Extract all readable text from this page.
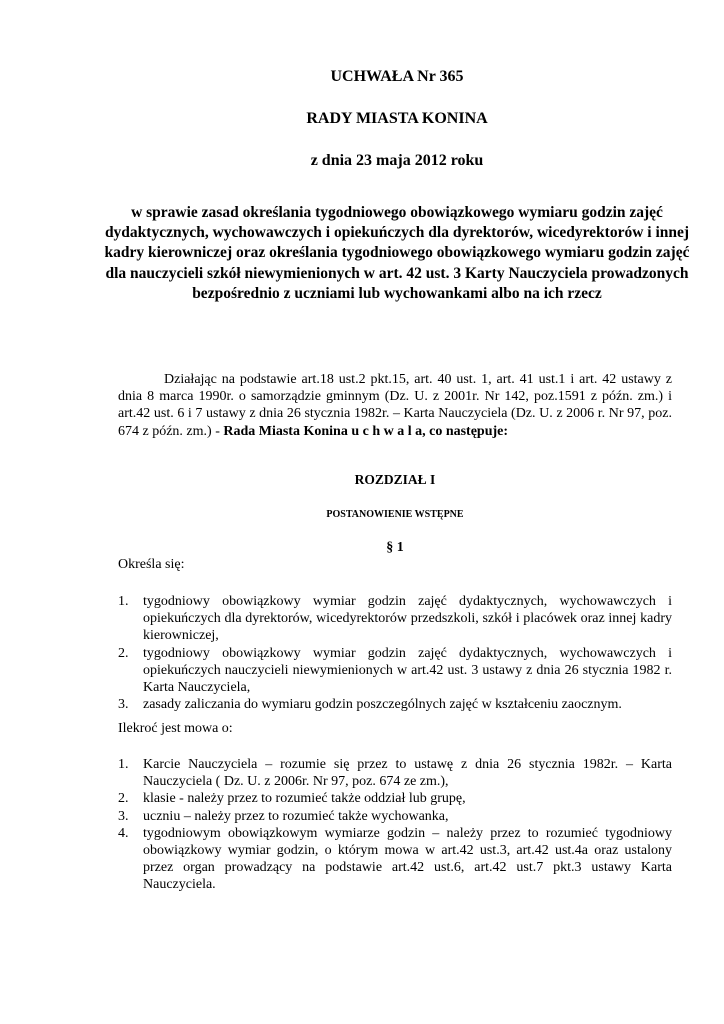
UCHWAŁA Nr 365
RADY MIASTA KONINA
z dnia 23 maja 2012 roku

w sprawie zasad określania tygodniowego obowiązkowego wymiaru godzin zajęć dydaktycznych, wychowawczych i opiekuńczych dla dyrektorów, wicedyrektorów i innej kadry kierowniczej oraz określania tygodniowego obowiązkowego wymiaru godzin zajęć dla nauczycieli szkół niewymienionych w art. 42 ust. 3 Karty Nauczyciela prowadzonych bezpośrednio z uczniami lub wychowankami albo na ich rzecz

Działając na podstawie art.18 ust.2 pkt.15, art. 40 ust. 1, art. 41 ust.1 i art. 42 ustawy z dnia 8 marca 1990r. o samorządzie gminnym (Dz. U. z 2001r. Nr 142, poz.1591 z późn. zm.) i art.42 ust. 6 i 7 ustawy z dnia 26 stycznia 1982r. – Karta Nauczyciela (Dz. U. z 2006 r. Nr 97, poz. 674 z późn. zm.) - Rada Miasta Konina u c h w a l a, co następuje:

ROZDZIAŁ I
POSTANOWIENIE WSTĘPNE
§ 1

Określa się:

1. tygodniowy obowiązkowy wymiar godzin zajęć dydaktycznych, wychowawczych i opiekuńczych dla dyrektorów, wicedyrektorów przedszkoli, szkół i placówek oraz innej kadry kierowniczej,
2. tygodniowy obowiązkowy wymiar godzin zajęć dydaktycznych, wychowawczych i opiekuńczych nauczycieli niewymienionych w art.42 ust. 3 ustawy z dnia 26 stycznia 1982 r. Karta Nauczyciela,
3. zasady zaliczania do wymiaru godzin poszczególnych zajęć w kształceniu zaocznym.

Ilekroć jest mowa o:

1. Karcie Nauczyciela – rozumie się przez to ustawę z dnia 26 stycznia 1982r. – Karta Nauczyciela ( Dz. U. z 2006r. Nr 97, poz. 674 ze zm.),
2. klasie - należy przez to rozumieć także oddział lub grupę,
3. uczniu – należy przez to rozumieć także wychowanka,
4. tygodniowym obowiązkowym wymiarze godzin – należy przez to rozumieć tygodniowy obowiązkowy wymiar godzin, o którym mowa w art.42 ust.3, art.42 ust.4a oraz ustalony przez organ prowadzący na podstawie art.42 ust.6, art.42 ust.7 pkt.3 ustawy Karta Nauczyciela.
